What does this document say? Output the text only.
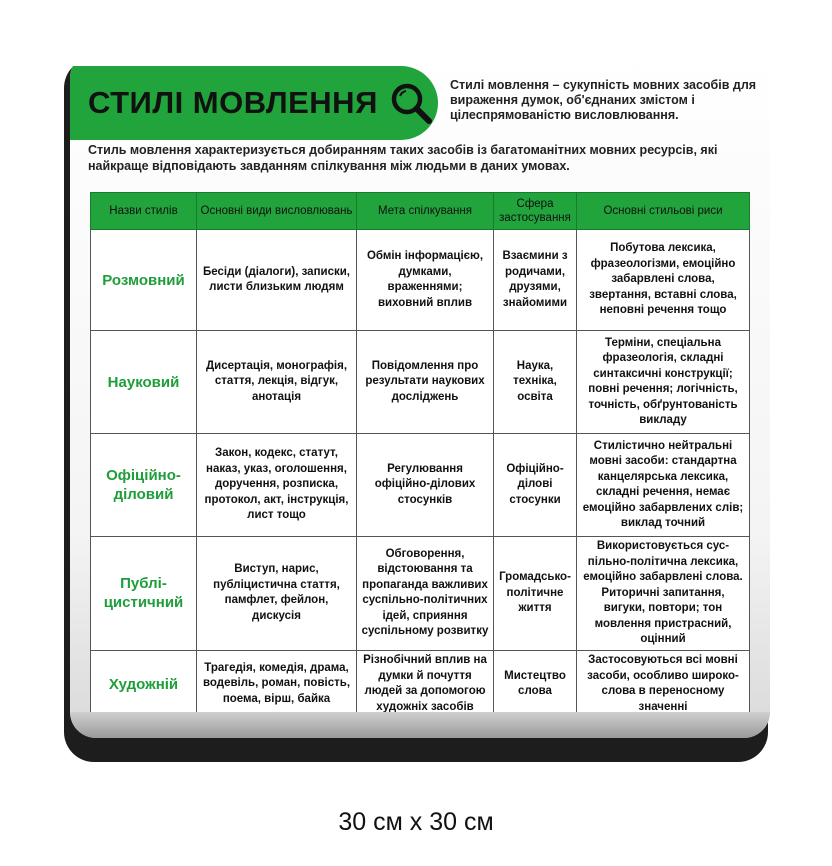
СТИЛІ МОВЛЕННЯ	Стилі мовлення – сукупність мовних засобів для вираження думок, об'єднаних змістом і цілеспрямованістю висловлювання.
Стиль мовлення характеризується добиранням таких засобів із багатоманітних мовних ресурсів, які найкраще відповідають завданням спілкування між людьми в даних умовах.
Назви стилів	Основні види висловлювань	Мета спілкування	Сфера застосування	Основні стильові риси
Розмовний	Бесіди (діалоги), записки, листи близьким людям	Обмін інформацією, думками, враженнями; виховний вплив	Взаємини з родичами, друзями, знайомими	Побутова лексика, фразеологізми, емоційно забарвлені слова, звертання, вставні слова, неповні речення тощо
Науковий	Дисертація, монографія, стаття, лекція, відгук, анотація	Повідомлення про результати наукових досліджень	Наука, техніка, освіта	Терміни, спеціальна фразеологія, складні синтаксичні конструкції; повні речення; логічність, точність, обґрунтованість викладу
Офіційно-діловий	Закон, кодекс, статут, наказ, указ, оголошення, доручення, розписка, протокол, акт, інструкція, лист тощо	Регулювання офіційно-ділових стосунків	Офіційно-ділові стосунки	Стилістично нейтральні мовні засоби: стандартна канцелярська лексика, складні речення, немає емоційно забарвлених слів; виклад точний
Публі-цистичний	Виступ, нарис, публіцистична стаття, памфлет, фейлон, дискусія	Обговорення, відстоювання та пропаганда важливих суспільно-політичних ідей, сприяння суспільному розвитку	Громадсько-політичне життя	Використовується сус-пільно-політична лексика, емоційно забарвлені слова. Риторичні запитання, вигуки, повтори; тон мовлення пристрасний, оцінний
Художній	Трагедія, комедія, драма, водевіль, роман, повість, поема, вірш, байка	Різнобічний вплив на думки й почуття людей за допомогою художніх засобів	Мистецтво слова	Застосовуються всі мовні засоби, особливо широко-слова в переносному значенні
30 см х 30 см
